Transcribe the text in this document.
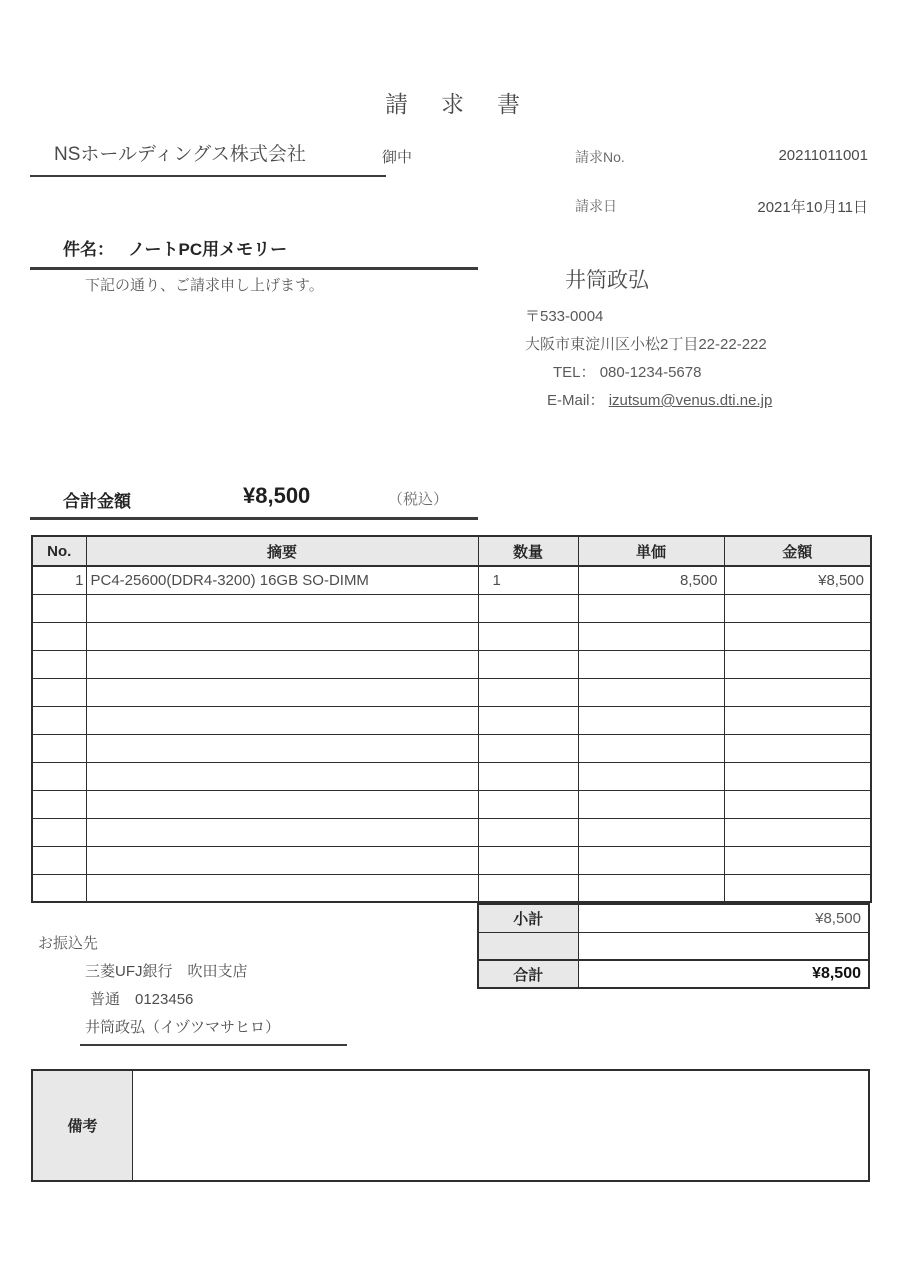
請求書
NSホールディングス株式会社	御中	請求No.	20211011001
請求日	2021年10月11日
件名： ノートPC用メモリー
下記の通り、ご請求申し上げます。	井筒政弘
〒533-0004
大阪市東淀川区小松2丁目22-22-222
TEL： 080-1234-5678
E-Mail： izutsum@venus.dti.ne.jp
合計金額	¥8,500	（税込）
No.	摘要	数量	単価	金額
1	PC4-25600(DDR4-3200) 16GB SO-DIMM	1	8,500	¥8,500

小計	¥8,500

合計	¥8,500
お振込先
三菱UFJ銀行　吹田支店
普通　0123456
井筒政弘（イヅツマサヒロ）
備考
